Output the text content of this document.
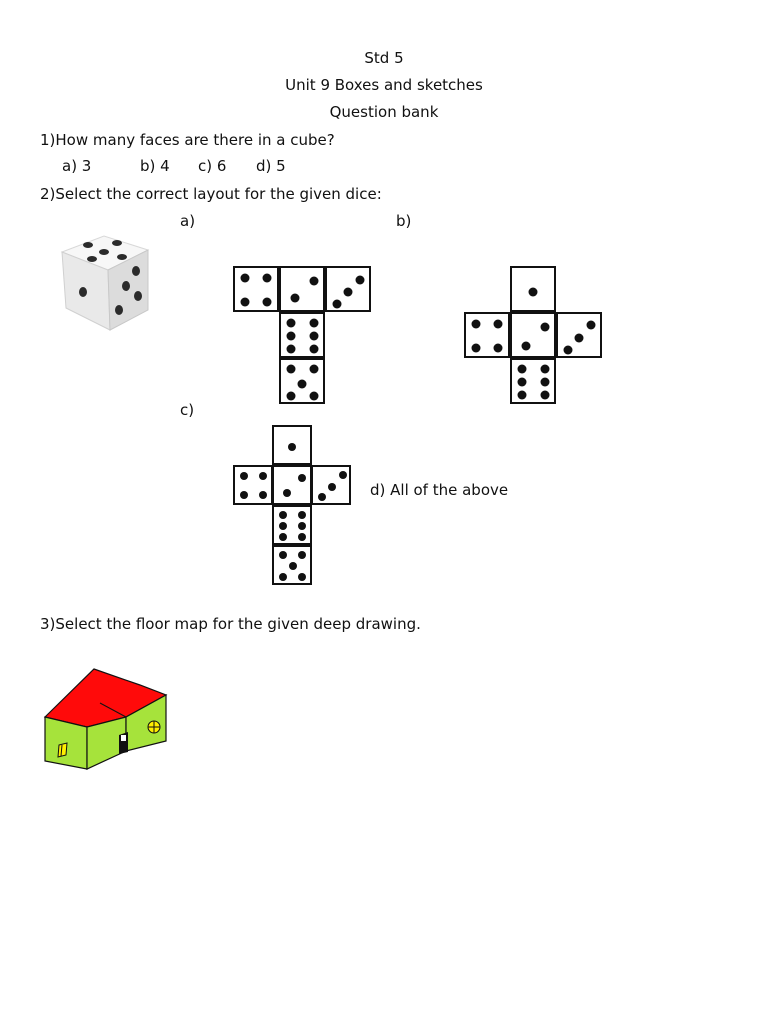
Std 5
Unit 9 Boxes and sketches
Question bank
1)How many faces are there in a cube?
a) 3	b) 4 c) 6 d) 5
2)Select the correct layout for the given dice:
a)	b)
c)
d) All of the above
3)Select the floor map for the given deep drawing.
